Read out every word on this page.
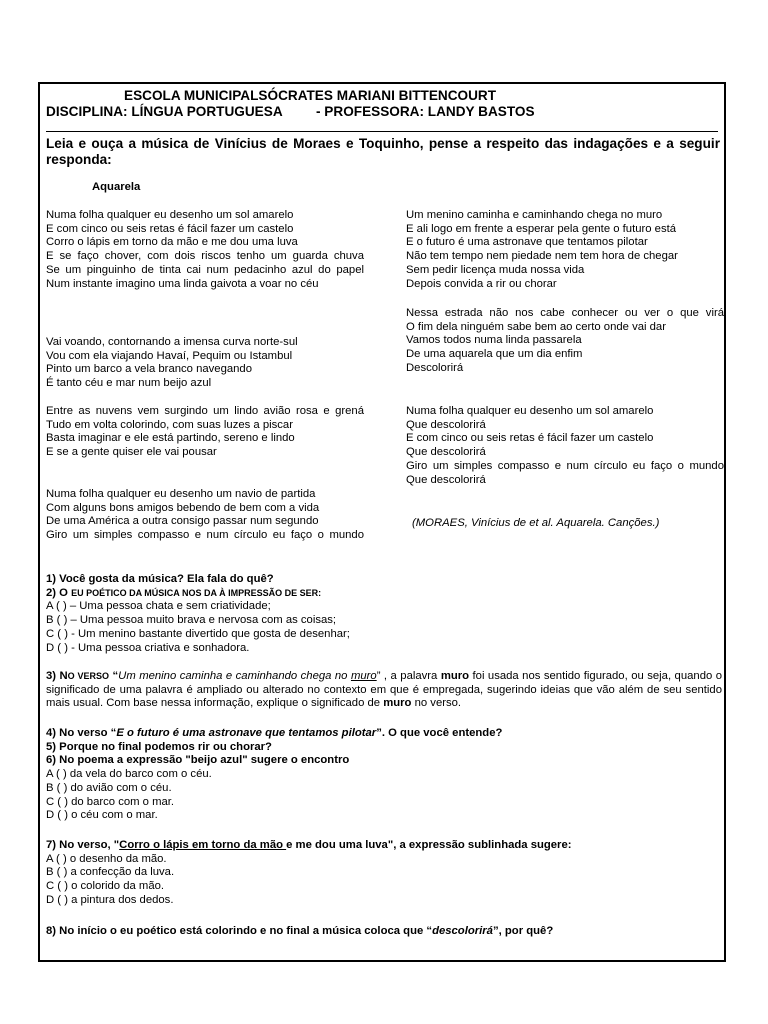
ESCOLA MUNICIPALSÓCRATES MARIANI BITTENCOURT
DISCIPLINA: LÍNGUA PORTUGUESA - PROFESSORA: LANDY BASTOS
Leia e ouça a música de Vinícius de Moraes e Toquinho, pense a respeito das indagações e a seguir responda:
Aquarela
Numa folha qualquer eu desenho um sol amarelo
E com cinco ou seis retas é fácil fazer um castelo
Corro o lápis em torno da mão e me dou uma luva
E se faço chover, com dois riscos tenho um guarda chuva
Se um pinguinho de tinta cai num pedacinho azul do papel
Num instante imagino uma linda gaivota a voar no céu
Vai voando, contornando a imensa curva norte-sul
Vou com ela viajando Havaí, Pequim ou Istambul
Pinto um barco a vela branco navegando
É tanto céu e mar num beijo azul
Entre as nuvens vem surgindo um lindo avião rosa e grená
Tudo em volta colorindo, com suas luzes a piscar
Basta imaginar e ele está partindo, sereno e lindo
E se a gente quiser ele vai pousar
Numa folha qualquer eu desenho um navio de partida
Com alguns bons amigos bebendo de bem com a vida
De uma América a outra consigo passar num segundo
Giro um simples compasso e num círculo eu faço o mundo
Um menino caminha e caminhando chega no muro
E ali logo em frente a esperar pela gente o futuro está
E o futuro é uma astronave que tentamos pilotar
Não tem tempo nem piedade nem tem hora de chegar
Sem pedir licença muda nossa vida
Depois convida a rir ou chorar
Nessa estrada não nos cabe conhecer ou ver o que virá
O fim dela ninguém sabe bem ao certo onde vai dar
Vamos todos numa linda passarela
De uma aquarela que um dia enfim
Descolorirá
Numa folha qualquer eu desenho um sol amarelo
Que descolorirá
E com cinco ou seis retas é fácil fazer um castelo
Que descolorirá
Giro um simples compasso e num círculo eu faço o mundo
Que descolorirá
(MORAES, Vinícius de et al. Aquarela. Canções.)
1) Você gosta da música? Ela fala do quê?
2) O EU POÉTICO DA MÚSICA NOS DA À IMPRESSÃO DE SER:
A ( ) – Uma pessoa chata e sem criatividade;
B ( ) – Uma pessoa muito brava e nervosa com as coisas;
C ( ) - Um menino bastante divertido que gosta de desenhar;
D ( ) - Uma pessoa criativa e sonhadora.
3) NO VERSO “Um menino caminha e caminhando chega no muro” , a palavra muro foi usada nos sentido figurado, ou seja, quando o significado de uma palavra é ampliado ou alterado no contexto em que é empregada, sugerindo ideias que vão além de seu sentido mais usual. Com base nessa informação, explique o significado de muro no verso.
4) No verso “E o futuro é uma astronave que tentamos pilotar”. O que você entende?
5) Porque no final podemos rir ou chorar?
6) No poema a expressão "beijo azul" sugere o encontro
A ( ) da vela do barco com o céu.
B ( ) do avião com o céu.
C ( ) do barco com o mar.
D ( ) o céu com o mar.
7) No verso, "Corro o lápis em torno da mão e me dou uma luva", a expressão sublinhada sugere:
A ( ) o desenho da mão.
B ( ) a confecção da luva.
C ( ) o colorido da mão.
D ( ) a pintura dos dedos.
8) No início o eu poético está colorindo e no final a música coloca que “descolorirá”, por quê?
